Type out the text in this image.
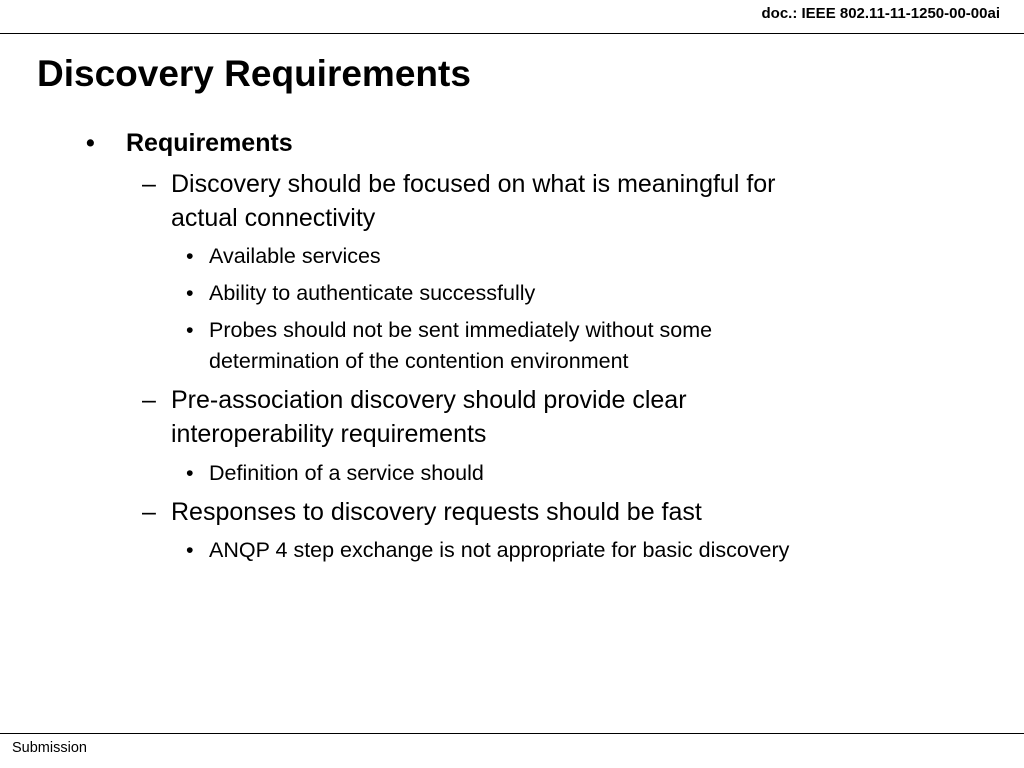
doc.: IEEE 802.11-11-1250-00-00ai
Discovery Requirements
• Requirements
– Discovery should be focused on what is meaningful for
actual connectivity
• Available services
• Ability to authenticate successfully
• Probes should not be sent immediately without some
determination of the contention environment
– Pre-association discovery should provide clear
interoperability requirements
• Definition of a service should
– Responses to discovery requests should be fast
• ANQP 4 step exchange is not appropriate for basic discovery
Submission
